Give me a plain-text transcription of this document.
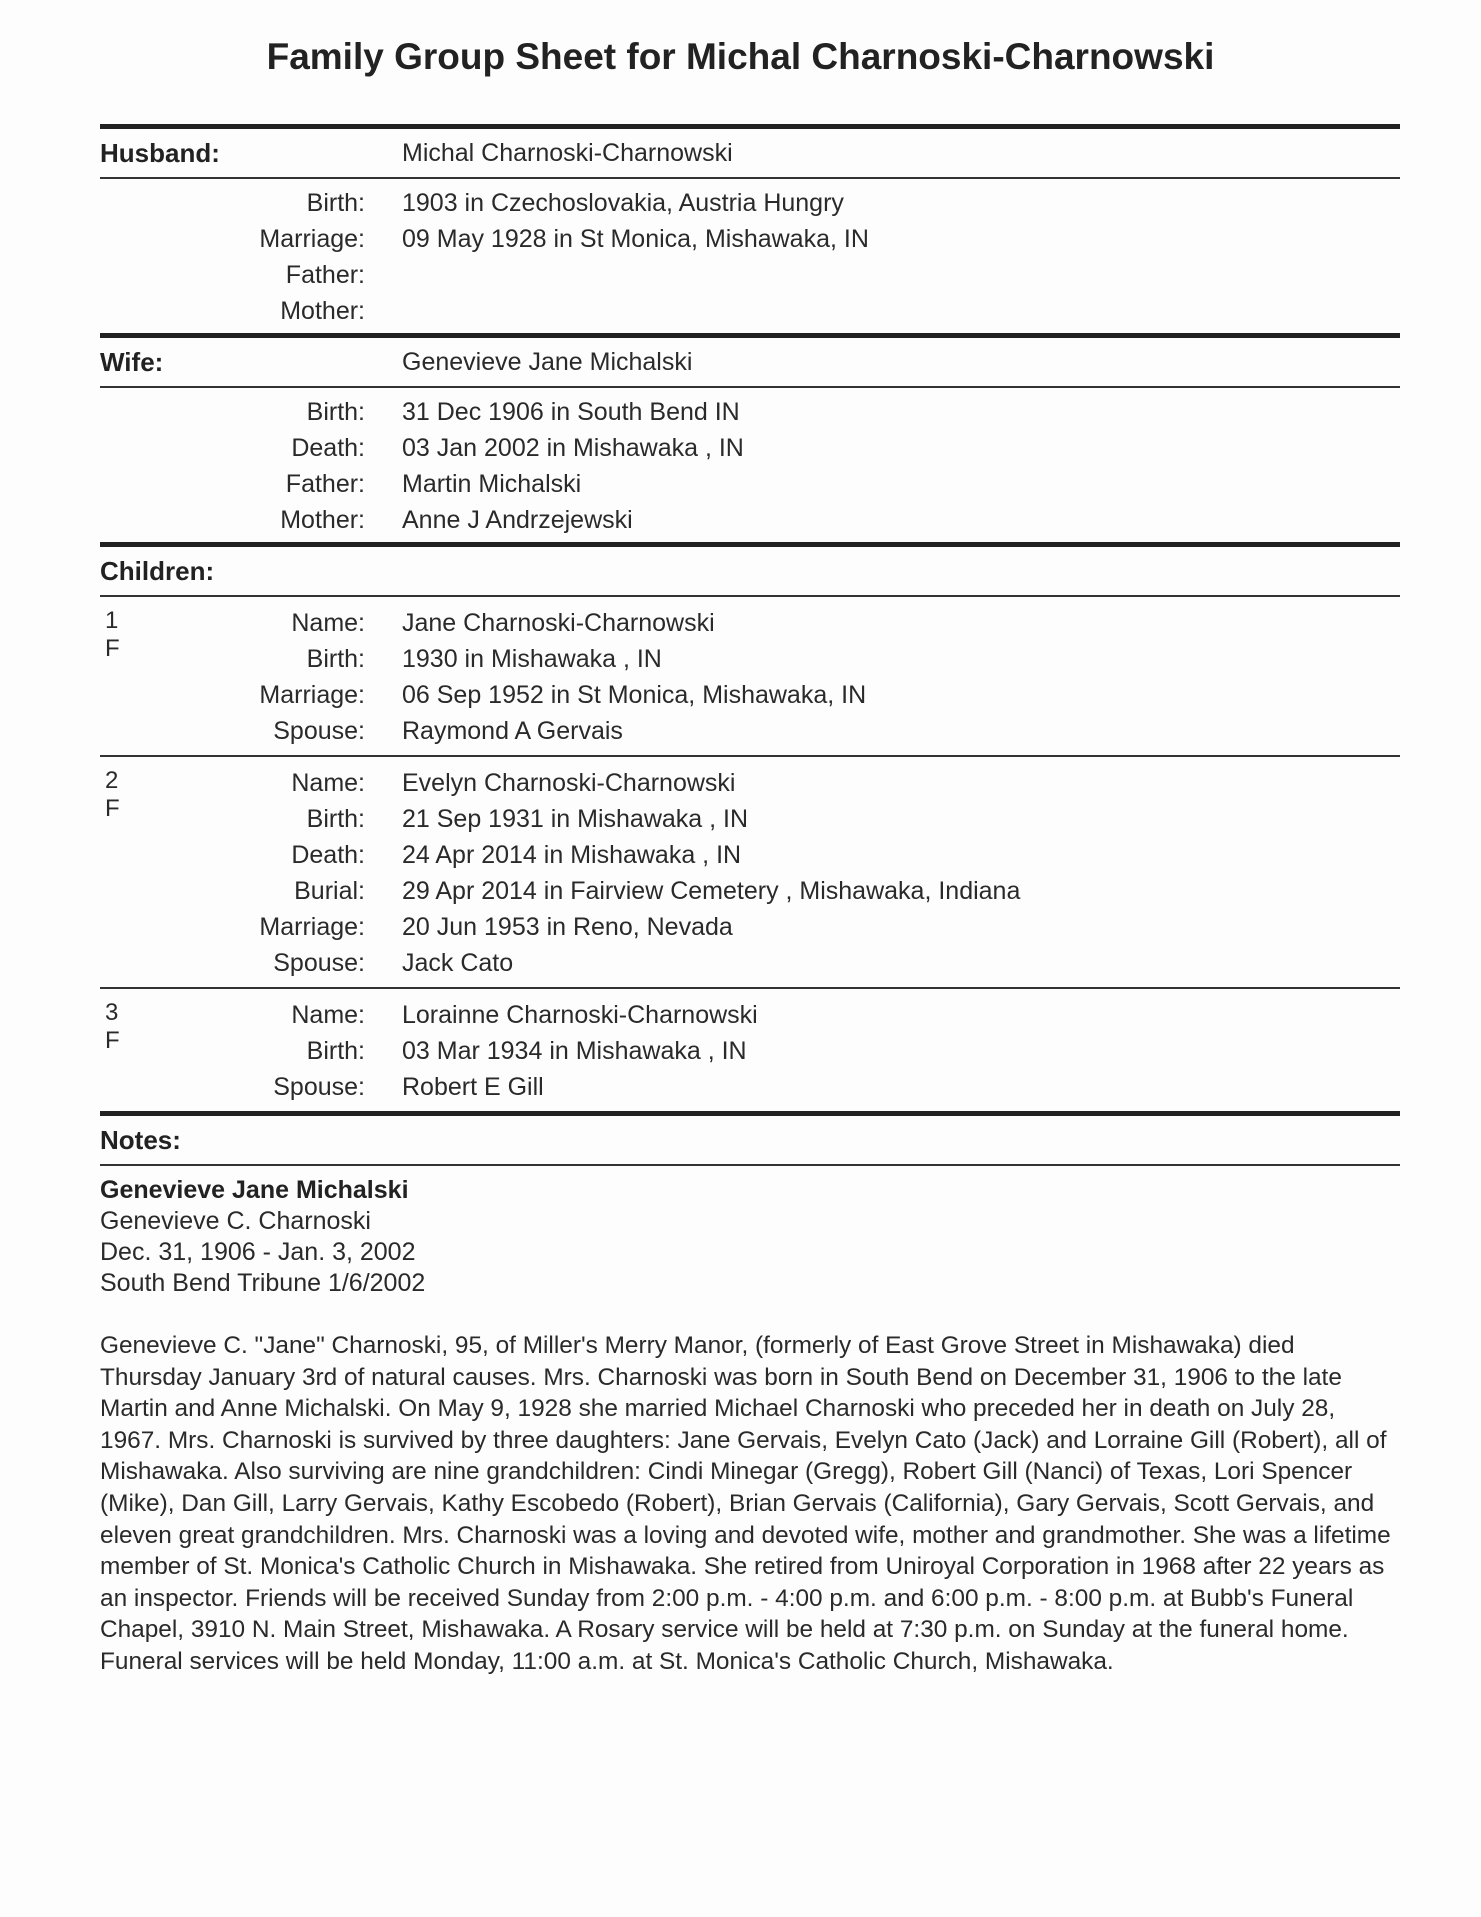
Family Group Sheet for Michal Charnoski-Charnowski
Husband:	Michal Charnoski-Charnowski
Birth:	1903 in Czechoslovakia, Austria Hungry
Marriage:	09 May 1928 in St Monica, Mishawaka, IN
Father:
Mother:
Wife:	Genevieve Jane Michalski
Birth:	31 Dec 1906 in South Bend IN
Death:	03 Jan 2002 in Mishawaka , IN
Father:	Martin Michalski
Mother:	Anne J Andrzejewski
Children:
1
F
Name:	Jane Charnoski-Charnowski
Birth:	1930 in Mishawaka , IN
Marriage:	06 Sep 1952 in St Monica, Mishawaka, IN
Spouse:	Raymond A Gervais
2
F
Name:	Evelyn Charnoski-Charnowski
Birth:	21 Sep 1931 in Mishawaka , IN
Death:	24 Apr 2014 in Mishawaka , IN
Burial:	29 Apr 2014 in Fairview Cemetery , Mishawaka, Indiana
Marriage:	20 Jun 1953 in Reno, Nevada
Spouse:	Jack Cato
3
F
Name:	Lorainne Charnoski-Charnowski
Birth:	03 Mar 1934 in Mishawaka , IN
Spouse:	Robert E Gill
Notes:
Genevieve Jane Michalski
Genevieve C. Charnoski
Dec. 31, 1906 - Jan. 3, 2002
South Bend Tribune 1/6/2002
Genevieve C. "Jane" Charnoski, 95, of Miller's Merry Manor, (formerly of East Grove Street in Mishawaka) died Thursday January 3rd of natural causes. Mrs. Charnoski was born in South Bend on December 31, 1906 to the late Martin and Anne Michalski. On May 9, 1928 she married Michael Charnoski who preceded her in death on July 28, 1967. Mrs. Charnoski is survived by three daughters: Jane Gervais, Evelyn Cato (Jack) and Lorraine Gill (Robert), all of Mishawaka. Also surviving are nine grandchildren: Cindi Minegar (Gregg), Robert Gill (Nanci) of Texas, Lori Spencer (Mike), Dan Gill, Larry Gervais, Kathy Escobedo (Robert), Brian Gervais (California), Gary Gervais, Scott Gervais, and eleven great grandchildren. Mrs. Charnoski was a loving and devoted wife, mother and grandmother. She was a lifetime member of St. Monica's Catholic Church in Mishawaka. She retired from Uniroyal Corporation in 1968 after 22 years as an inspector. Friends will be received Sunday from 2:00 p.m. - 4:00 p.m. and 6:00 p.m. - 8:00 p.m. at Bubb's Funeral Chapel, 3910 N. Main Street, Mishawaka. A Rosary service will be held at 7:30 p.m. on Sunday at the funeral home. Funeral services will be held Monday, 11:00 a.m. at St. Monica's Catholic Church, Mishawaka.
